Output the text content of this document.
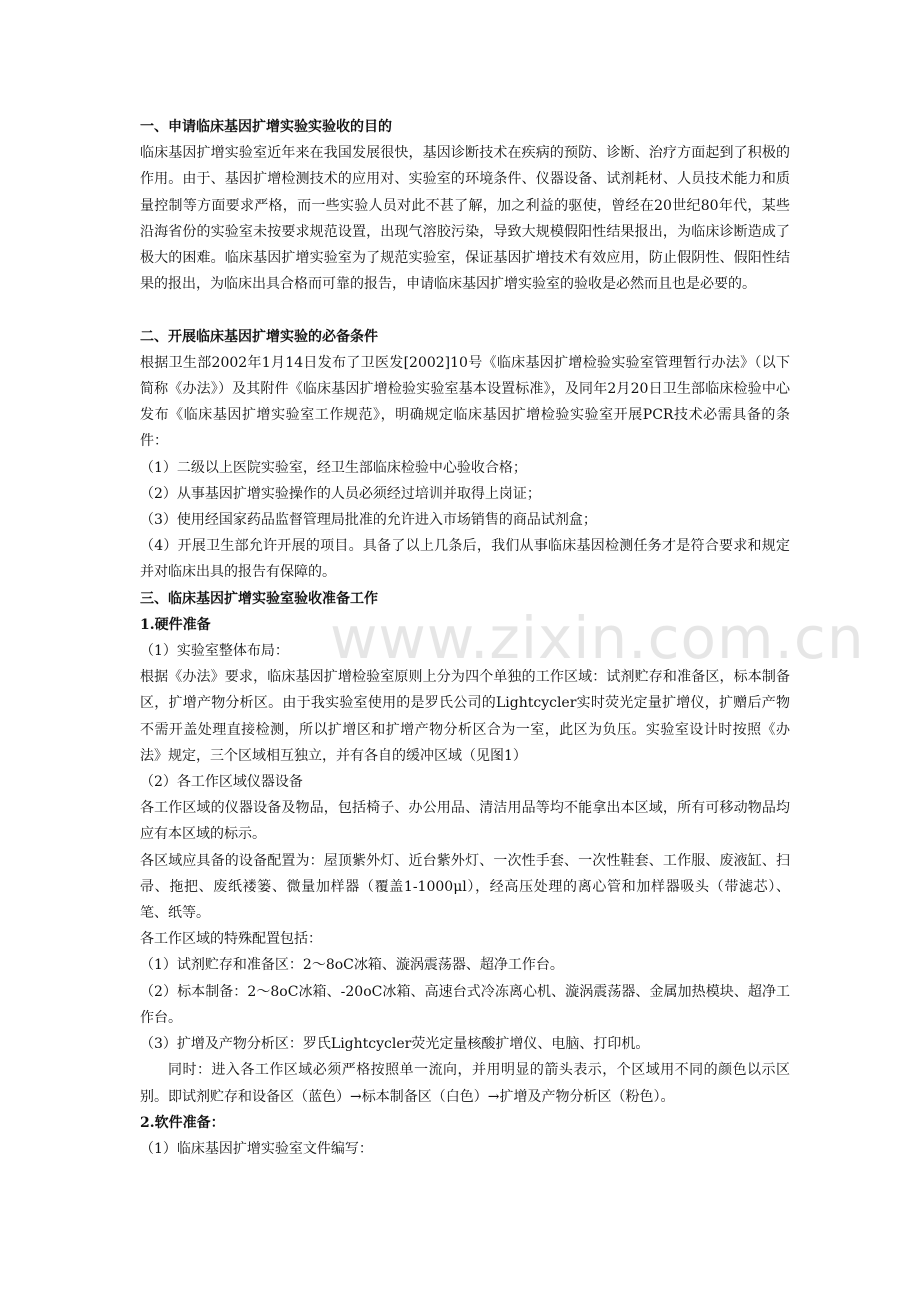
www.zixin.com.cn

一、申请临床基因扩增实验实验收的目的

临床基因扩增实验室近年来在我国发展很快，基因诊断技术在疾病的预防、诊断、治疗方面起到了积极的作用。由于、基因扩增检测技术的应用对、实验室的环境条件、仪器设备、试剂耗材、人员技术能力和质量控制等方面要求严格，而一些实验人员对此不甚了解，加之利益的驱使，曾经在20世纪80年代，某些沿海省份的实验室未按要求规范设置，出现气溶胶污染，导致大规模假阳性结果报出，为临床诊断造成了极大的困难。临床基因扩增实验室为了规范实验室，保证基因扩增技术有效应用，防止假阴性、假阳性结果的报出，为临床出具合格而可靠的报告，申请临床基因扩增实验室的验收是必然而且也是必要的。

二、开展临床基因扩增实验的必备条件

根据卫生部2002年1月14日发布了卫医发[2002]10号《临床基因扩增检验实验室管理暂行办法》（以下简称《办法》）及其附件《临床基因扩增检验实验室基本设置标准》，及同年2月20日卫生部临床检验中心发布《临床基因扩增实验室工作规范》，明确规定临床基因扩增检验实验室开展PCR技术必需具备的条件：

（1）二级以上医院实验室，经卫生部临床检验中心验收合格；

（2）从事基因扩增实验操作的人员必须经过培训并取得上岗证；

（3）使用经国家药品监督管理局批准的允许进入市场销售的商品试剂盒；

（4）开展卫生部允许开展的项目。具备了以上几条后，我们从事临床基因检测任务才是符合要求和规定并对临床出具的报告有保障的。

三、临床基因扩增实验室验收准备工作

1.硬件准备

（1）实验室整体布局：

根据《办法》要求，临床基因扩增检验室原则上分为四个单独的工作区域：试剂贮存和准备区，标本制备区，扩增产物分析区。由于我实验室使用的是罗氏公司的Lightcycler实时荧光定量扩增仪，扩赠后产物不需开盖处理直接检测，所以扩增区和扩增产物分析区合为一室，此区为负压。实验室设计时按照《办法》规定，三个区域相互独立，并有各自的缓冲区域（见图1）

（2）各工作区域仪器设备

各工作区域的仪器设备及物品，包括椅子、办公用品、清洁用品等均不能拿出本区域，所有可移动物品均应有本区域的标示。

各区域应具备的设备配置为：屋顶紫外灯、近台紫外灯、一次性手套、一次性鞋套、工作服、废液缸、扫帚、拖把、废纸褛篓、微量加样器（覆盖1-1000μl），经高压处理的离心管和加样器吸头（带滤芯）、笔、纸等。

各工作区域的特殊配置包括：

（1）试剂贮存和准备区：2～8oC冰箱、漩涡震荡器、超净工作台。

（2）标本制备：2～8oC冰箱、-20oC冰箱、高速台式冷冻离心机、漩涡震荡器、金属加热模块、超净工作台。

（3）扩增及产物分析区：罗氏Lightcycler荧光定量核酸扩增仪、电脑、打印机。

同时：进入各工作区域必须严格按照单一流向，并用明显的箭头表示，个区域用不同的颜色以示区别。即试剂贮存和设备区（蓝色）→标本制备区（白色）→扩增及产物分析区（粉色）。

2.软件准备：

（1）临床基因扩增实验室文件编写：
